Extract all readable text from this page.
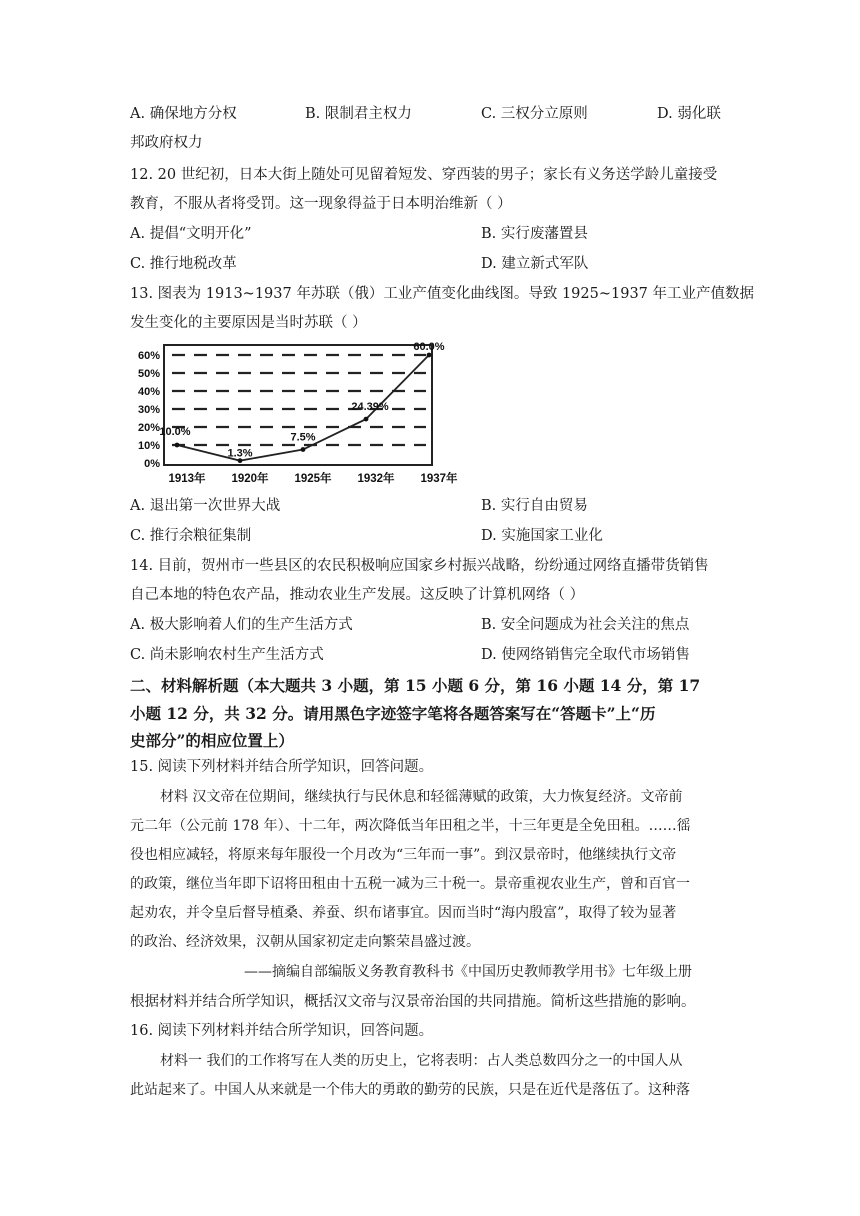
A. 确保地方分权	B. 限制君主权力	C. 三权分立原则	D. 弱化联
邦政府权力
12. 20 世纪初，日本大街上随处可见留着短发、穿西装的男子；家长有义务送学龄儿童接受
教育，不服从者将受罚。这一现象得益于日本明治维新（ ）
A. 提倡“文明开化”	B. 实行废藩置县
C. 推行地税改革	D. 建立新式军队
13. 图表为 1913~1937 年苏联（俄）工业产值变化曲线图。导致 1925~1937 年工业产值数据
发生变化的主要原因是当时苏联（ ）
0%
10%
20%
30%
40%
50%
60%
1913年 1920年 1925年 1932年 1937年
10.0%
1.3%
7.5%
24.39%
60.0%
A. 退出第一次世界大战	B. 实行自由贸易
C. 推行余粮征集制	D. 实施国家工业化
14. 目前，贺州市一些县区的农民积极响应国家乡村振兴战略，纷纷通过网络直播带货销售
自己本地的特色农产品，推动农业生产发展。这反映了计算机网络（ ）
A. 极大影响着人们的生产生活方式	B. 安全问题成为社会关注的焦点
C. 尚未影响农村生产生活方式	D. 使网络销售完全取代市场销售
二、材料解析题（本大题共 3 小题，第 15 小题 6 分，第 16 小题 14 分，第 17
小题 12 分，共 32 分。请用黑色字迹签字笔将各题答案写在“答题卡”上“历
史部分”的相应位置上）
15. 阅读下列材料并结合所学知识，回答问题。
材料 汉文帝在位期间，继续执行与民休息和轻徭薄赋的政策，大力恢复经济。文帝前
元二年（公元前 178 年）、十二年，两次降低当年田租之半，十三年更是全免田租。……徭
役也相应减轻，将原来每年服役一个月改为“三年而一事”。到汉景帝时，他继续执行文帝
的政策，继位当年即下诏将田租由十五税一减为三十税一。景帝重视农业生产，曾和百官一
起劝农，并令皇后督导植桑、养蚕、织布诸事宜。因而当时“海内殷富”，取得了较为显著
的政治、经济效果，汉朝从国家初定走向繁荣昌盛过渡。
——摘编自部编版义务教育教科书《中国历史教师教学用书》七年级上册
根据材料并结合所学知识，概括汉文帝与汉景帝治国的共同措施。简析这些措施的影响。
16. 阅读下列材料并结合所学知识，回答问题。
材料一 我们的工作将写在人类的历史上，它将表明：占人类总数四分之一的中国人从
此站起来了。中国人从来就是一个伟大的勇敢的勤劳的民族，只是在近代是落伍了。这种落
